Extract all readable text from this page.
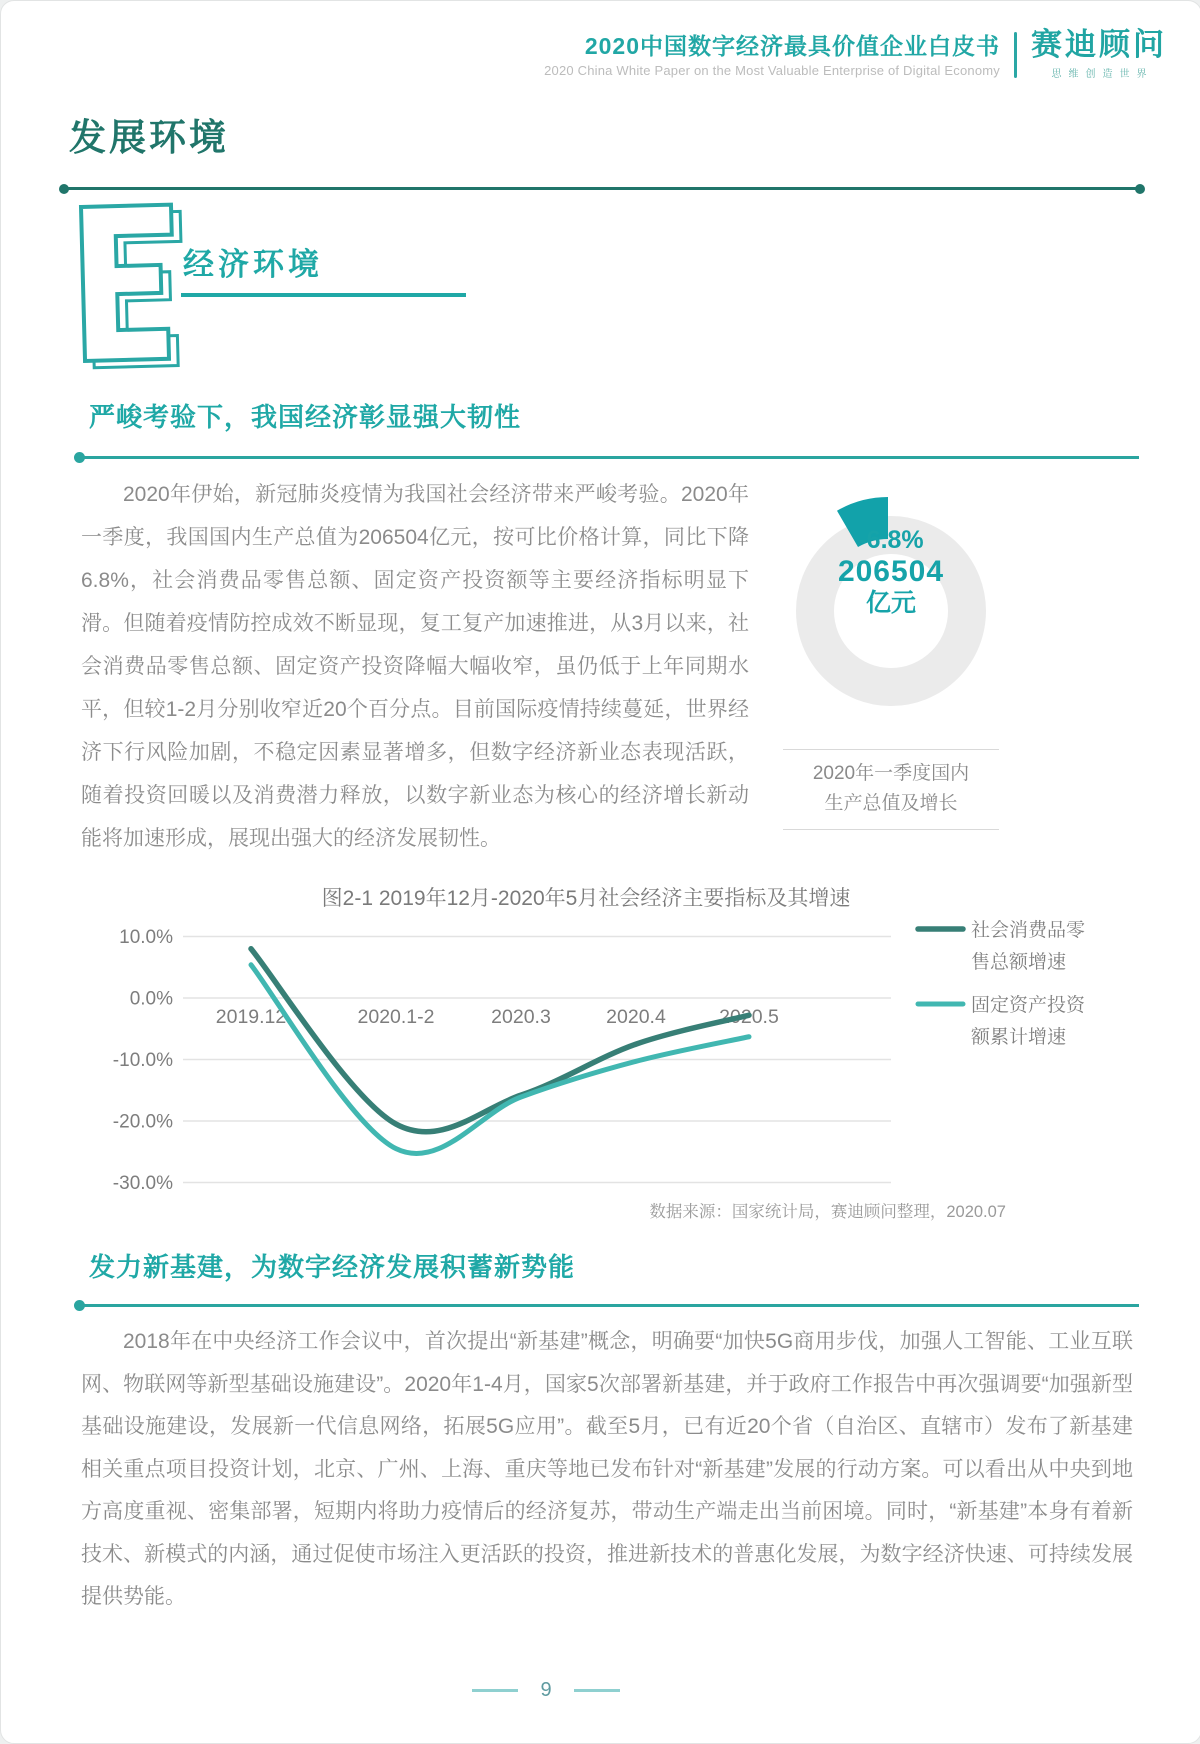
2020中国数字经济最具价值企业白皮书
2020 China White Paper on the Most Valuable Enterprise of Digital Economy
赛迪顾问
思维创造世界
发展环境
经济环境
严峻考验下，我国经济彰显强大韧性
2020年伊始，新冠肺炎疫情为我国社会经济带来严峻考验。2020年一季度，我国国内生产总值为206504亿元，按可比价格计算，同比下降6.8%，社会消费品零售总额、固定资产投资额等主要经济指标明显下滑。但随着疫情防控成效不断显现，复工复产加速推进，从3月以来，社会消费品零售总额、固定资产投资降幅大幅收窄，虽仍低于上年同期水平，但较1-2月分别收窄近20个百分点。目前国际疫情持续蔓延，世界经济下行风险加剧，不稳定因素显著增多，但数字经济新业态表现活跃，随着投资回暖以及消费潜力释放，以数字新业态为核心的经济增长新动能将加速形成，展现出强大的经济发展韧性。
-6.8%
206504
亿元
2020年一季度国内
生产总值及增长
图2-1 2019年12月-2020年5月社会经济主要指标及其增速
10.0%
0.0%
-10.0%
-20.0%
-30.0%
2019.12	2020.1-2	2020.3	2020.4	2020.5
社会消费品零
售总额增速
固定资产投资
额累计增速
数据来源：国家统计局，赛迪顾问整理，2020.07
发力新基建，为数字经济发展积蓄新势能
2018年在中央经济工作会议中，首次提出“新基建”概念，明确要“加快5G商用步伐，加强人工智能、工业互联网、物联网等新型基础设施建设”。2020年1-4月，国家5次部署新基建，并于政府工作报告中再次强调要“加强新型基础设施建设，发展新一代信息网络，拓展5G应用”。截至5月，已有近20个省（自治区、直辖市）发布了新基建相关重点项目投资计划，北京、广州、上海、重庆等地已发布针对“新基建”发展的行动方案。可以看出从中央到地方高度重视、密集部署，短期内将助力疫情后的经济复苏，带动生产端走出当前困境。同时，“新基建”本身有着新技术、新模式的内涵，通过促使市场注入更活跃的投资，推进新技术的普惠化发展，为数字经济快速、可持续发展提供势能。
9
